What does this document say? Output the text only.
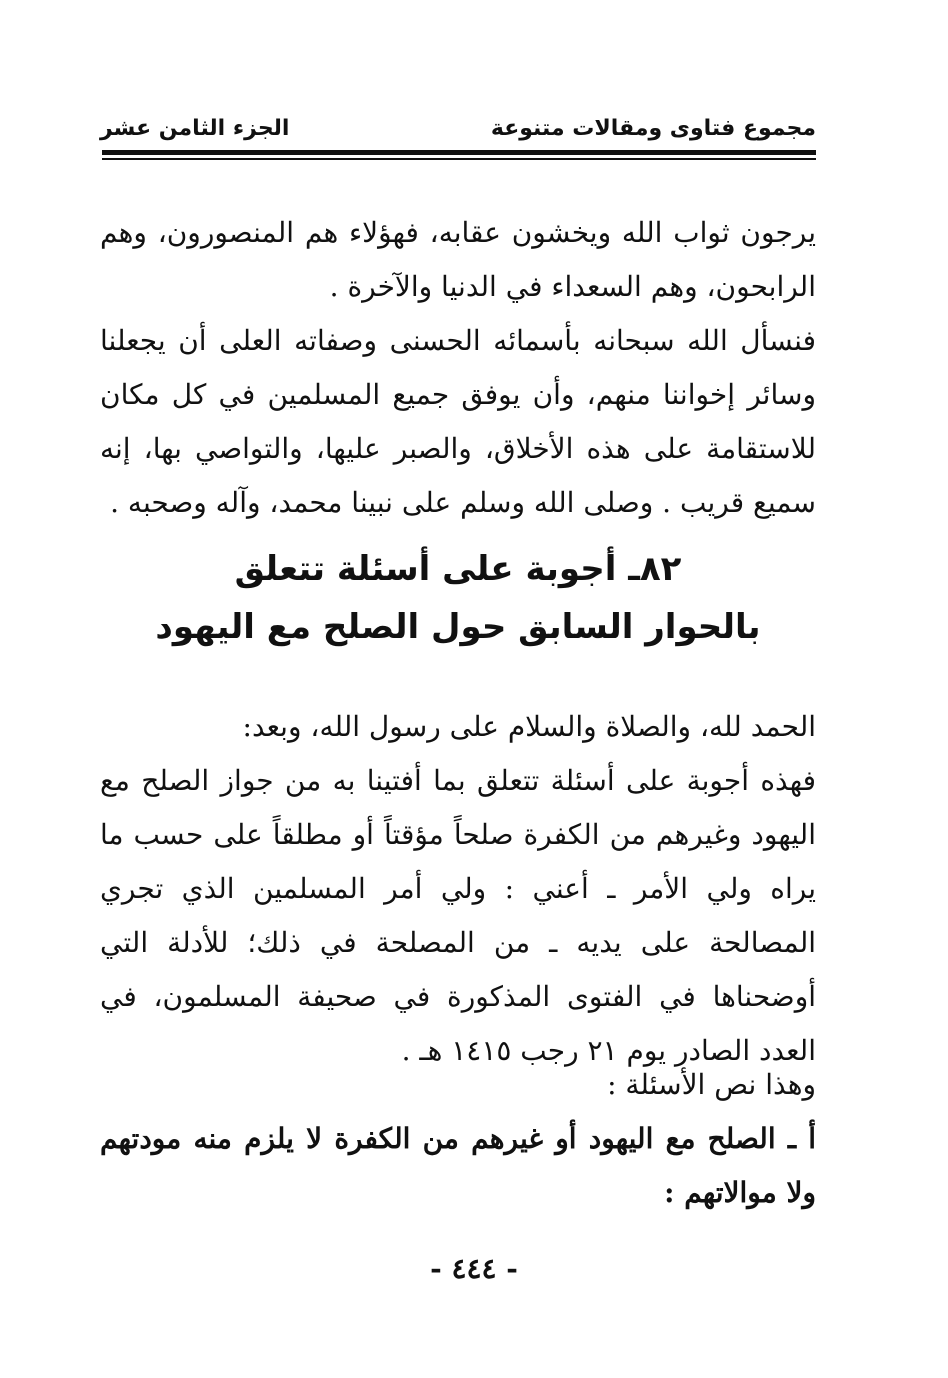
مجموع فتاوى ومقالات متنوعة
الجزء الثامن عشر
يرجون ثواب الله ويخشون عقابه، فهؤلاء هم المنصورون، وهم الرابحون، وهم السعداء في الدنيا والآخرة .
فنسأل الله سبحانه بأسمائه الحسنى وصفاته العلى أن يجعلنا وسائر إخواننا منهم، وأن يوفق جميع المسلمين في كل مكان للاستقامة على هذه الأخلاق، والصبر عليها، والتواصي بها، إنه سميع قريب . وصلى الله وسلم على نبينا محمد، وآله وصحبه .
٨٢ـ أجوبة على أسئلة تتعلق
بالحوار السابق حول الصلح مع اليهود
الحمد لله، والصلاة والسلام على رسول الله، وبعد:
فهذه أجوبة على أسئلة تتعلق بما أفتينا به من جواز الصلح مع اليهود وغيرهم من الكفرة صلحاً مؤقتاً أو مطلقاً على حسب ما يراه ولي الأمر ـ أعني : ولي أمر المسلمين الذي تجري المصالحة على يديه ـ من المصلحة في ذلك؛ للأدلة التي أوضحناها في الفتوى المذكورة في صحيفة المسلمون، في العدد الصادر يوم ٢١ رجب ١٤١٥ هـ .
وهذا نص الأسئلة :
أ ـ الصلح مع اليهود أو غيرهم من الكفرة لا يلزم منه مودتهم ولا موالاتهم :
- ٤٤٤ -
